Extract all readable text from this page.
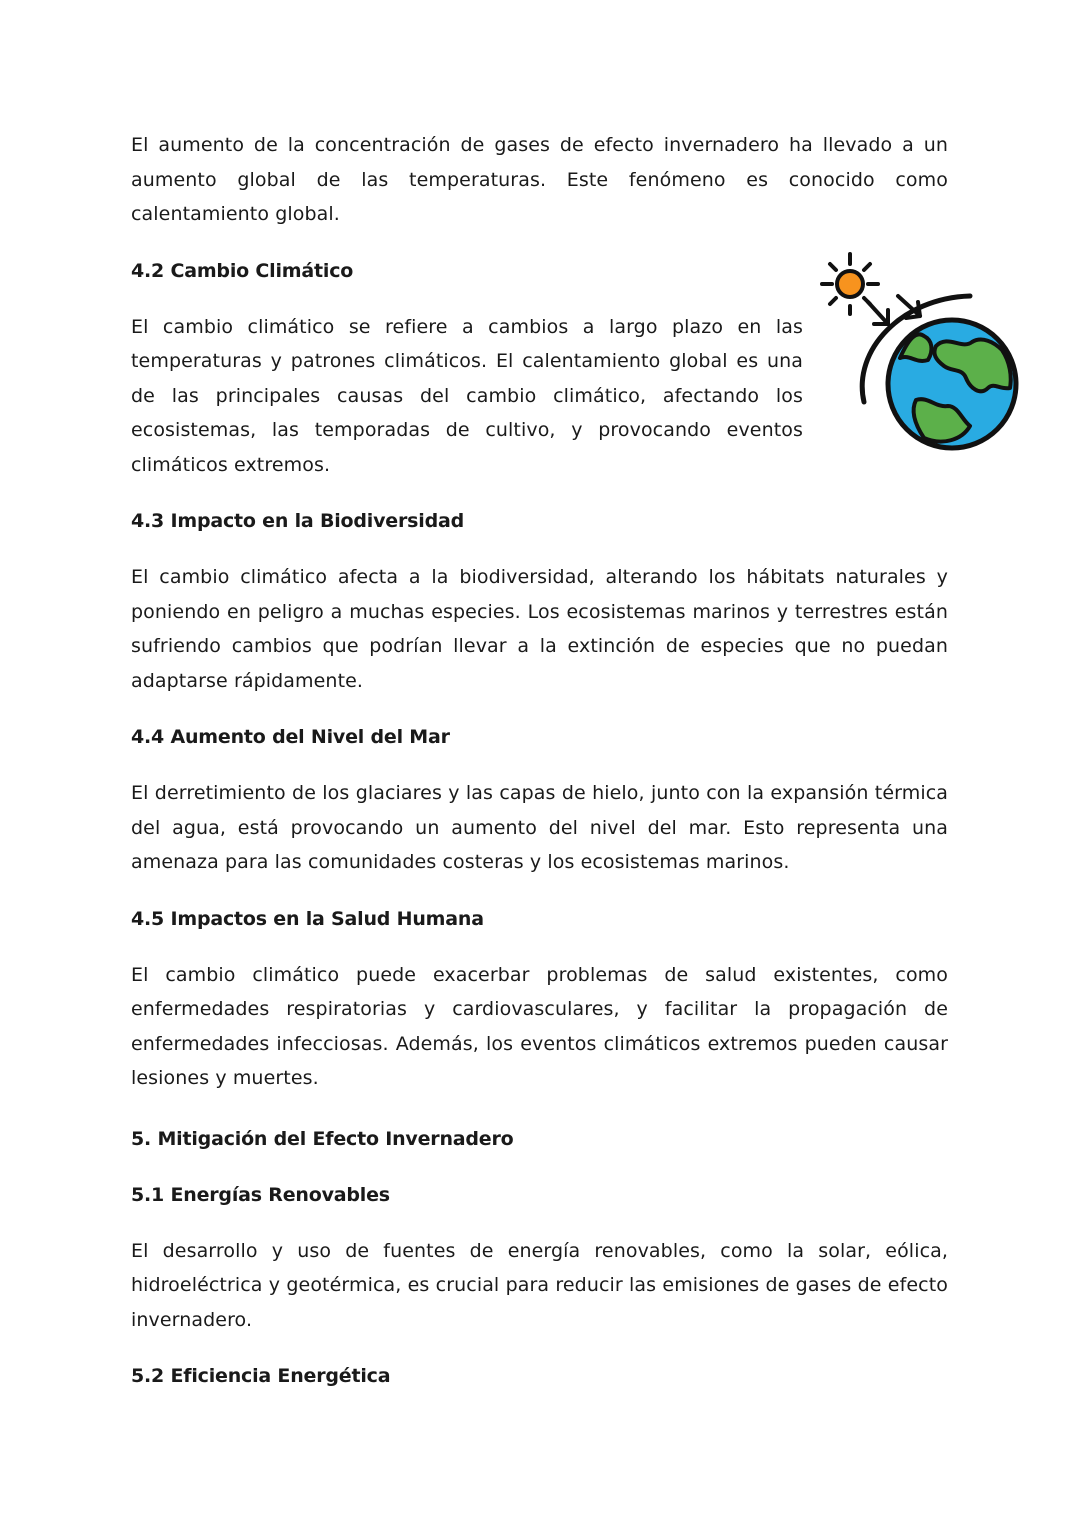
El aumento de la concentración de gases de efecto invernadero ha llevado a un aumento global de las temperaturas. Este fenómeno es conocido como calentamiento global.

4.2 Cambio Climático

El cambio climático se refiere a cambios a largo plazo en las temperaturas y patrones climáticos. El calentamiento global es una de las principales causas del cambio climático, afectando los ecosistemas, las temporadas de cultivo, y provocando eventos climáticos extremos.

4.3 Impacto en la Biodiversidad

El cambio climático afecta a la biodiversidad, alterando los hábitats naturales y poniendo en peligro a muchas especies. Los ecosistemas marinos y terrestres están sufriendo cambios que podrían llevar a la extinción de especies que no puedan adaptarse rápidamente.

4.4 Aumento del Nivel del Mar

El derretimiento de los glaciares y las capas de hielo, junto con la expansión térmica del agua, está provocando un aumento del nivel del mar. Esto representa una amenaza para las comunidades costeras y los ecosistemas marinos.

4.5 Impactos en la Salud Humana

El cambio climático puede exacerbar problemas de salud existentes, como enfermedades respiratorias y cardiovasculares, y facilitar la propagación de enfermedades infecciosas. Además, los eventos climáticos extremos pueden causar lesiones y muertes.

5. Mitigación del Efecto Invernadero
5.1 Energías Renovables

El desarrollo y uso de fuentes de energía renovables, como la solar, eólica, hidroeléctrica y geotérmica, es crucial para reducir las emisiones de gases de efecto invernadero.

5.2 Eficiencia Energética
